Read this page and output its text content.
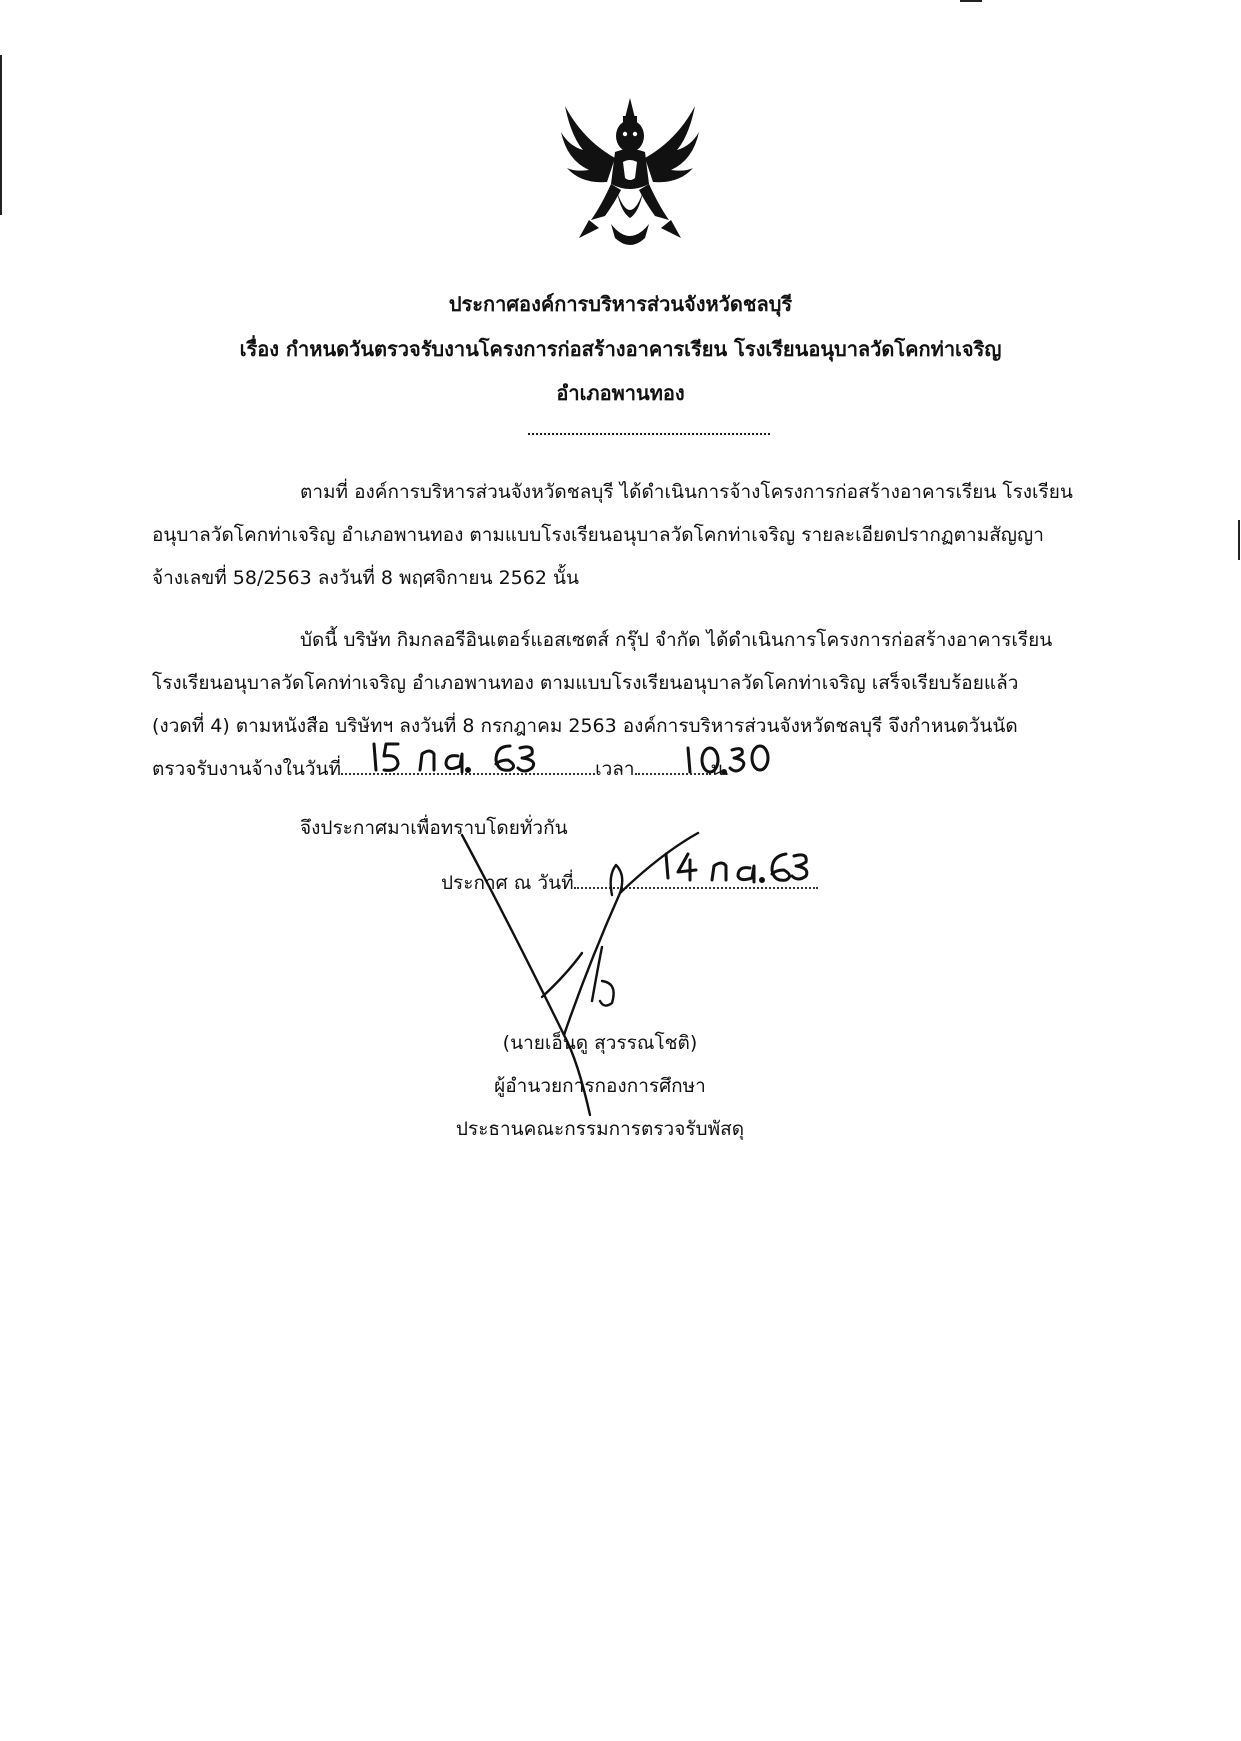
ประกาศองค์การบริหารส่วนจังหวัดชลบุรี
เรื่อง กำหนดวันตรวจรับงานโครงการก่อสร้างอาคารเรียน โรงเรียนอนุบาลวัดโคกท่าเจริญ
อำเภอพานทอง
ตามที่ องค์การบริหารส่วนจังหวัดชลบุรี ได้ดำเนินการจ้างโครงการก่อสร้างอาคารเรียน โรงเรียน
อนุบาลวัดโคกท่าเจริญ อำเภอพานทอง ตามแบบโรงเรียนอนุบาลวัดโคกท่าเจริญ รายละเอียดปรากฏตามสัญญา
จ้างเลขที่ 58/2563 ลงวันที่ 8 พฤศจิกายน 2562 นั้น
บัดนี้ บริษัท กิมกลอรีอินเตอร์แอสเซตส์ กรุ๊ป จำกัด ได้ดำเนินการโครงการก่อสร้างอาคารเรียน
โรงเรียนอนุบาลวัดโคกท่าเจริญ อำเภอพานทอง ตามแบบโรงเรียนอนุบาลวัดโคกท่าเจริญ เสร็จเรียบร้อยแล้ว
(งวดที่ 4) ตามหนังสือ บริษัทฯ ลงวันที่ 8 กรกฎาคม 2563 องค์การบริหารส่วนจังหวัดชลบุรี จึงกำหนดวันนัด
ตรวจรับงานจ้างในวันที่	เวลา	น.
จึงประกาศมาเพื่อทราบโดยทั่วกัน
ประกาศ ณ วันที่
(นายเอ็นดู สุวรรณโชติ)
ผู้อำนวยการกองการศึกษา
ประธานคณะกรรมการตรวจรับพัสดุ
